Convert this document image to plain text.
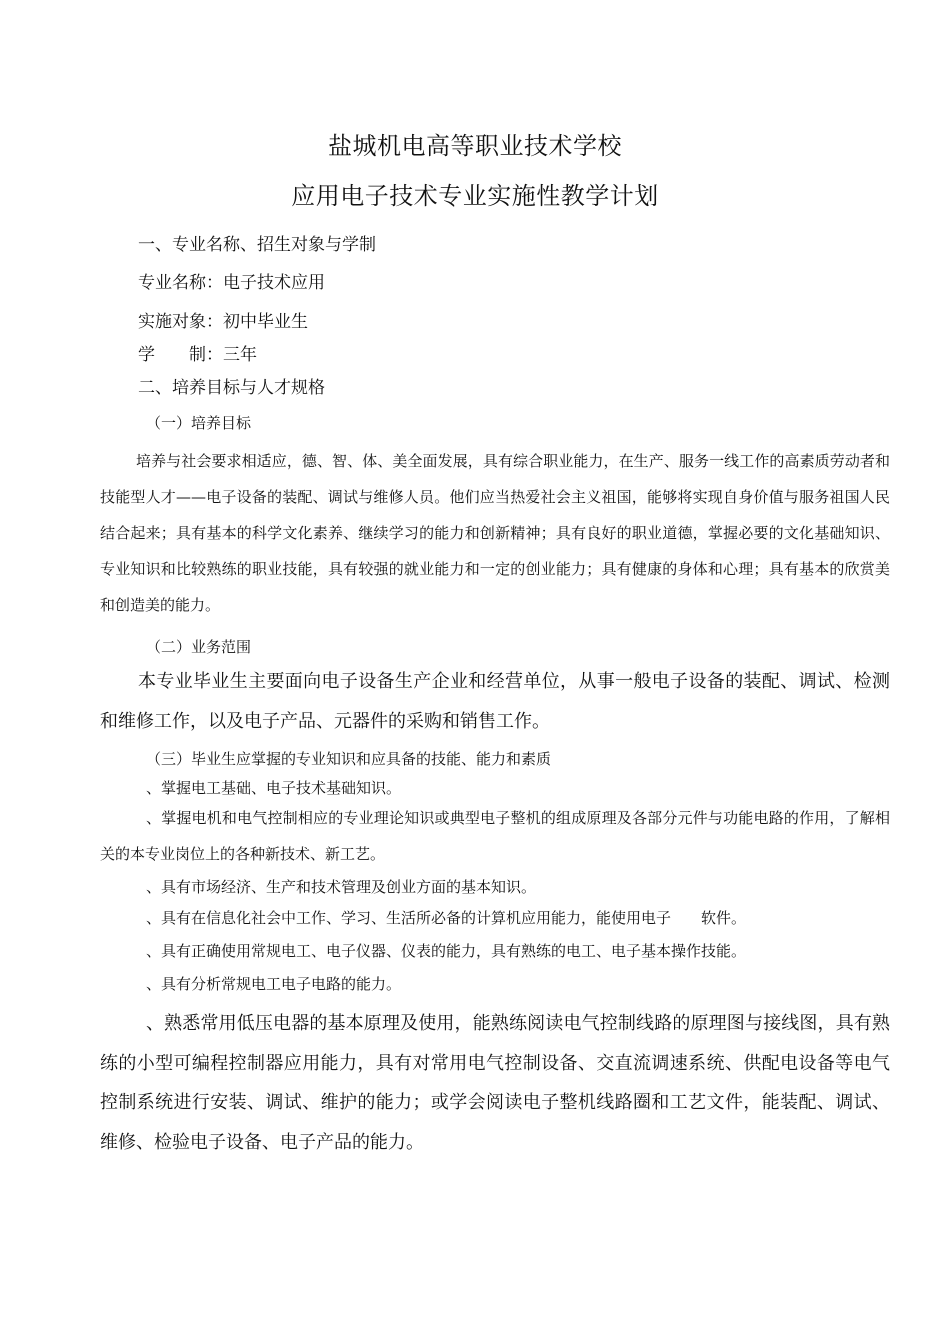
盐城机电高等职业技术学校
应用电子技术专业实施性教学计划
一、专业名称、招生对象与学制
专业名称：电子技术应用
实施对象：初中毕业生
学　　制：三年
二、培养目标与人才规格
（一）培养目标

培养与社会要求相适应，德、智、体、美全面发展，具有综合职业能力，在生产、服务一线工作的高素质劳动者和技能型人才——电子设备的装配、调试与维修人员。他们应当热爱社会主义祖国，能够将实现自身价值与服务祖国人民结合起来；具有基本的科学文化素养、继续学习的能力和创新精神；具有良好的职业道德，掌握必要的文化基础知识、专业知识和比较熟练的职业技能，具有较强的就业能力和一定的创业能力；具有健康的身体和心理；具有基本的欣赏美和创造美的能力。

（二）业务范围

本专业毕业生主要面向电子设备生产企业和经营单位，从事一般电子设备的装配、调试、检测和维修工作，以及电子产品、元器件的采购和销售工作。

（三）毕业生应掌握的专业知识和应具备的技能、能力和素质
、掌握电工基础、电子技术基础知识。

、掌握电机和电气控制相应的专业理论知识或典型电子整机的组成原理及各部分元件与功能电路的作用，了解相关的本专业岗位上的各种新技术、新工艺。

、具有市场经济、生产和技术管理及创业方面的基本知识。
、具有在信息化社会中工作、学习、生活所必备的计算机应用能力，能使用电子　　软件。
、具有正确使用常规电工、电子仪器、仪表的能力，具有熟练的电工、电子基本操作技能。
、具有分析常规电工电子电路的能力。

、熟悉常用低压电器的基本原理及使用，能熟练阅读电气控制线路的原理图与接线图，具有熟练的小型可编程控制器应用能力，具有对常用电气控制设备、交直流调速系统、供配电设备等电气控制系统进行安装、调试、维护的能力；或学会阅读电子整机线路圈和工艺文件，能装配、调试、维修、检验电子设备、电子产品的能力。
